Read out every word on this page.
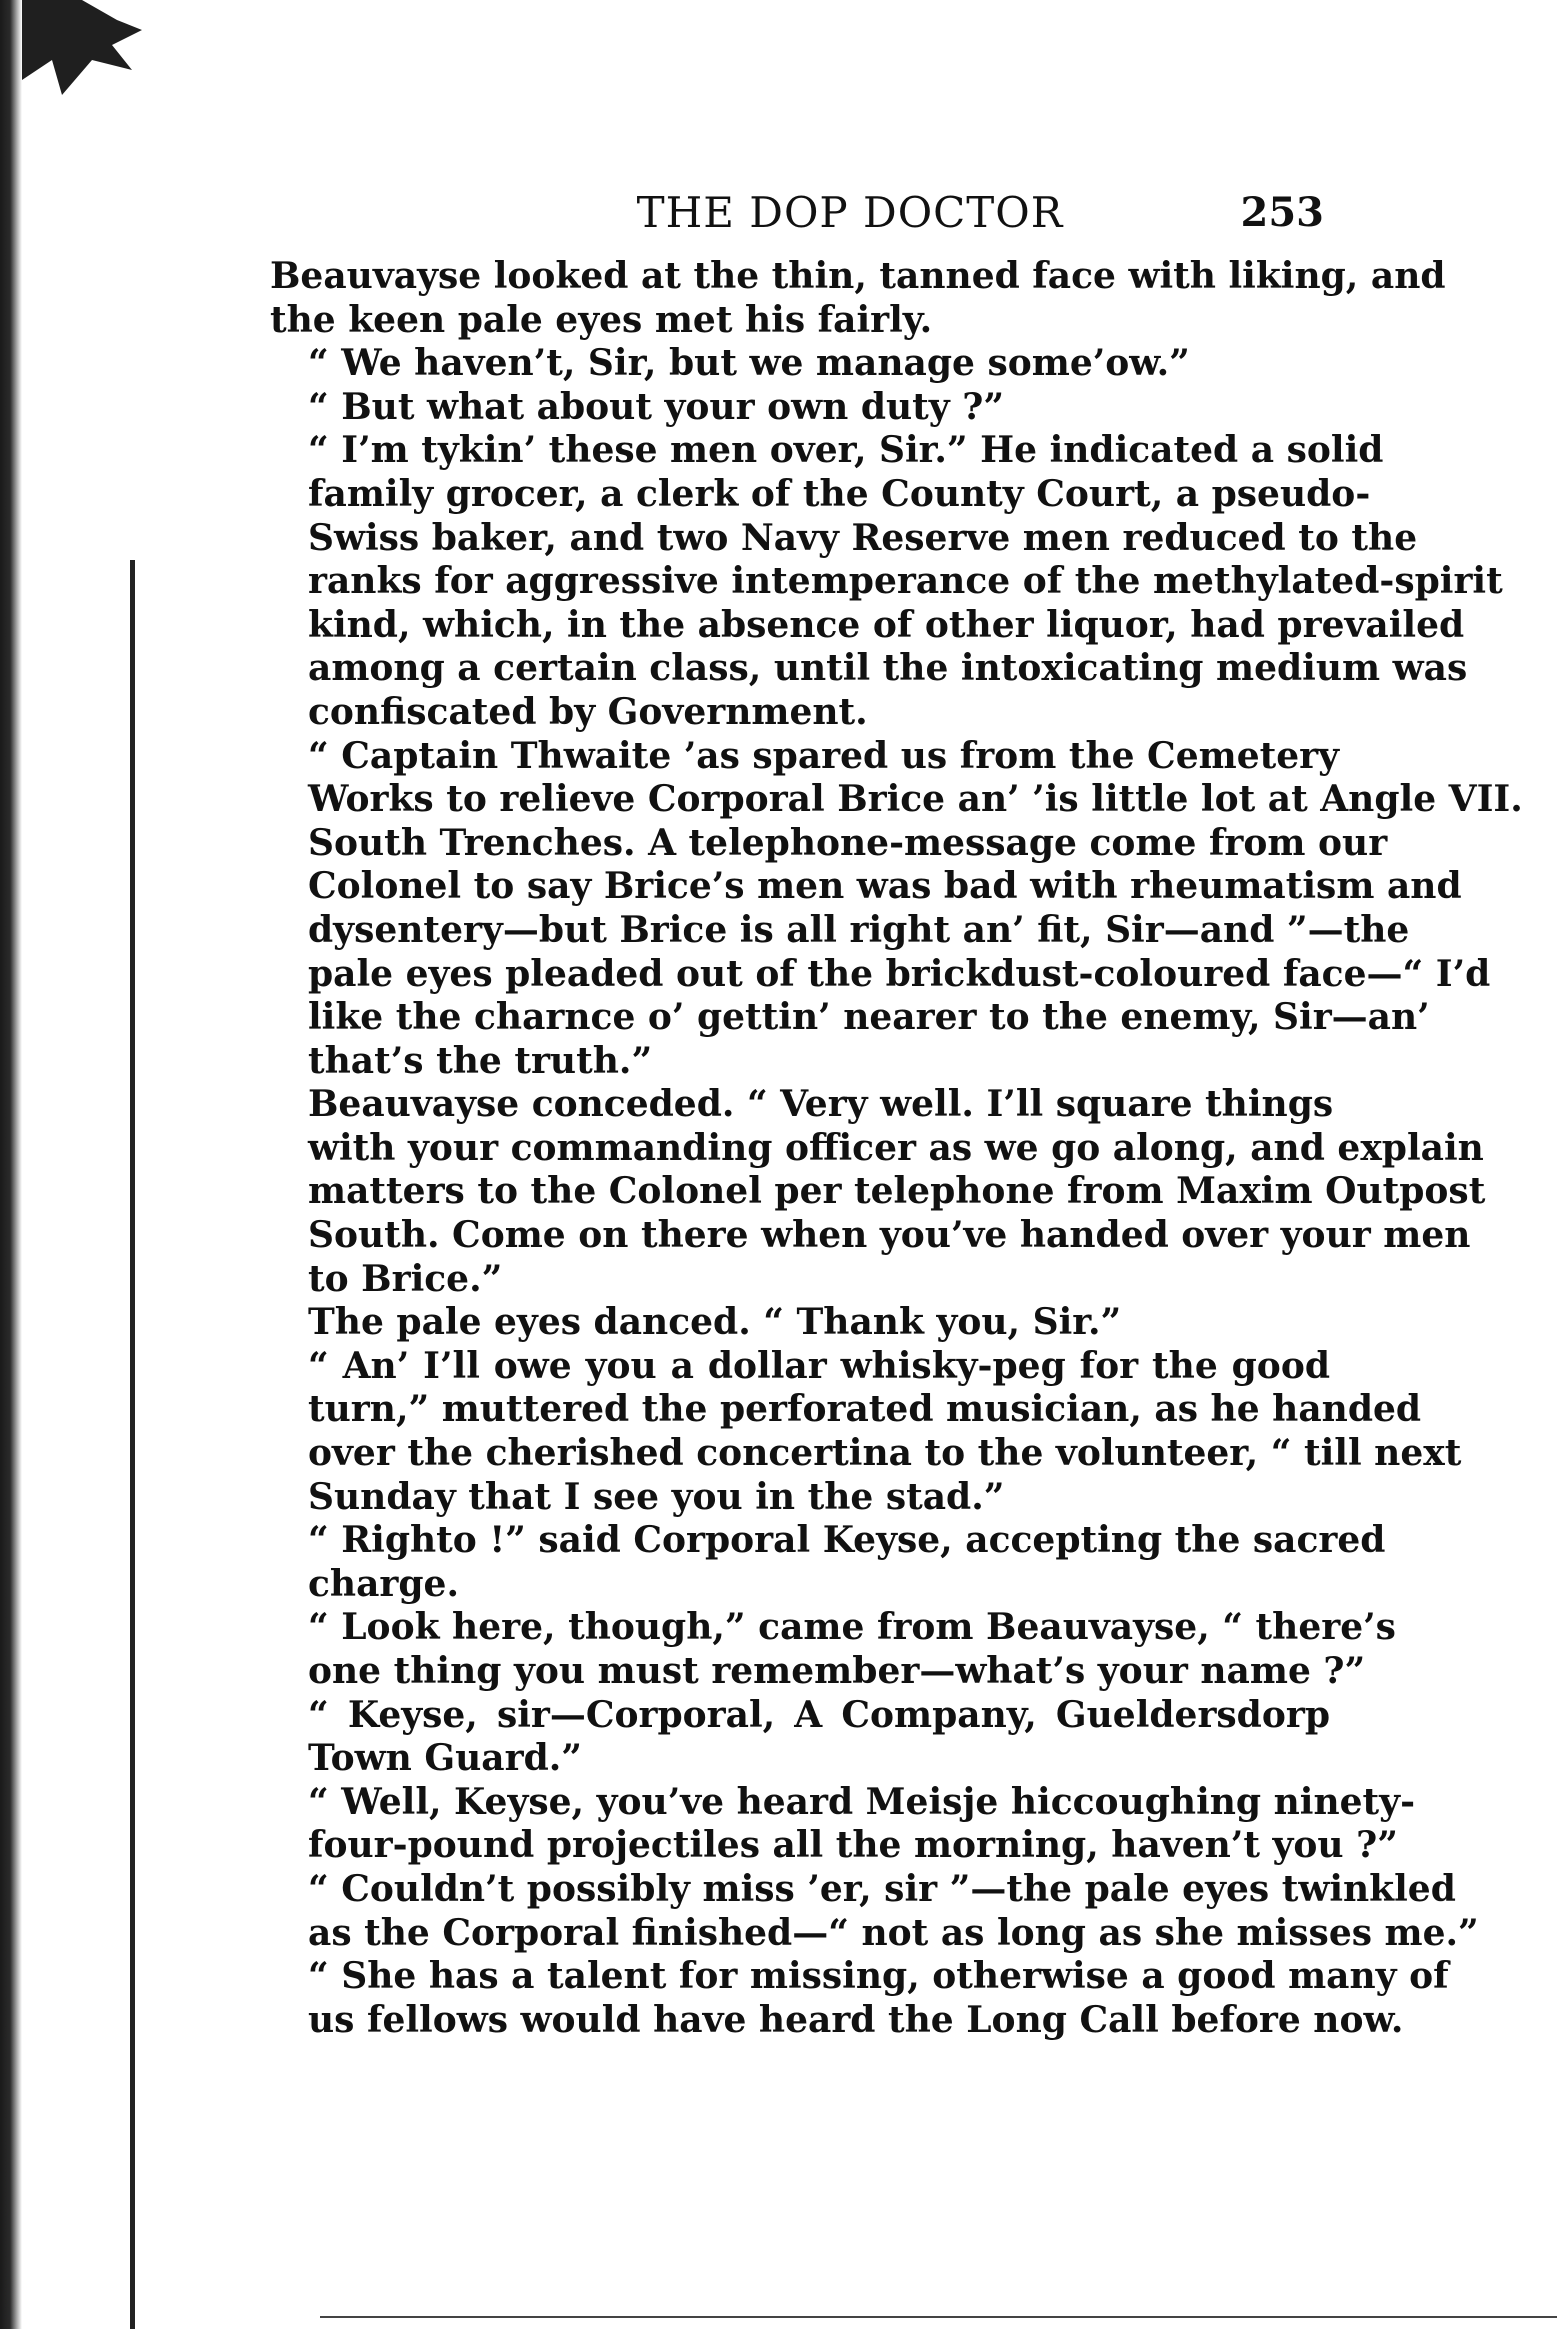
THE DOP DOCTOR	253

Beauvayse looked at the thin, tanned face with liking, and
the keen pale eyes met his fairly.

“ We haven’t, Sir, but we manage some’ow.”

“ But what about your own duty ?”

“ I’m tykin’ these men over, Sir.” He indicated a solid
family grocer, a clerk of the County Court, a pseudo-
Swiss baker, and two Navy Reserve men reduced to the
ranks for aggressive intemperance of the methylated-spirit
kind, which, in the absence of other liquor, had prevailed
among a certain class, until the intoxicating medium was
confiscated by Government.

“ Captain Thwaite ’as spared us from the Cemetery
Works to relieve Corporal Brice an’ ’is little lot at Angle VII.
South Trenches. A telephone-message come from our
Colonel to say Brice’s men was bad with rheumatism and
dysentery—but Brice is all right an’ fit, Sir—and ”—the
pale eyes pleaded out of the brickdust-coloured face—“ I’d
like the charnce o’ gettin’ nearer to the enemy, Sir—an’
that’s the truth.”

Beauvayse conceded. “ Very well. I’ll square things
with your commanding officer as we go along, and explain
matters to the Colonel per telephone from Maxim Outpost
South. Come on there when you’ve handed over your men
to Brice.”

The pale eyes danced. “ Thank you, Sir.”

“ An’ I’ll owe you a dollar whisky-peg for the good
turn,” muttered the perforated musician, as he handed
over the cherished concertina to the volunteer, “ till next
Sunday that I see you in the stad.”

“ Righto !” said Corporal Keyse, accepting the sacred
charge.

“ Look here, though,” came from Beauvayse, “ there’s
one thing you must remember—what’s your name ?”

“ Keyse, sir—Corporal, A Company, Gueldersdorp
Town Guard.”

“ Well, Keyse, you’ve heard Meisje hiccoughing ninety-
four-pound projectiles all the morning, haven’t you ?”

“ Couldn’t possibly miss ’er, sir ”—the pale eyes twinkled
as the Corporal finished—“ not as long as she misses me.”

“ She has a talent for missing, otherwise a good many of
us fellows would have heard the Long Call before now.
